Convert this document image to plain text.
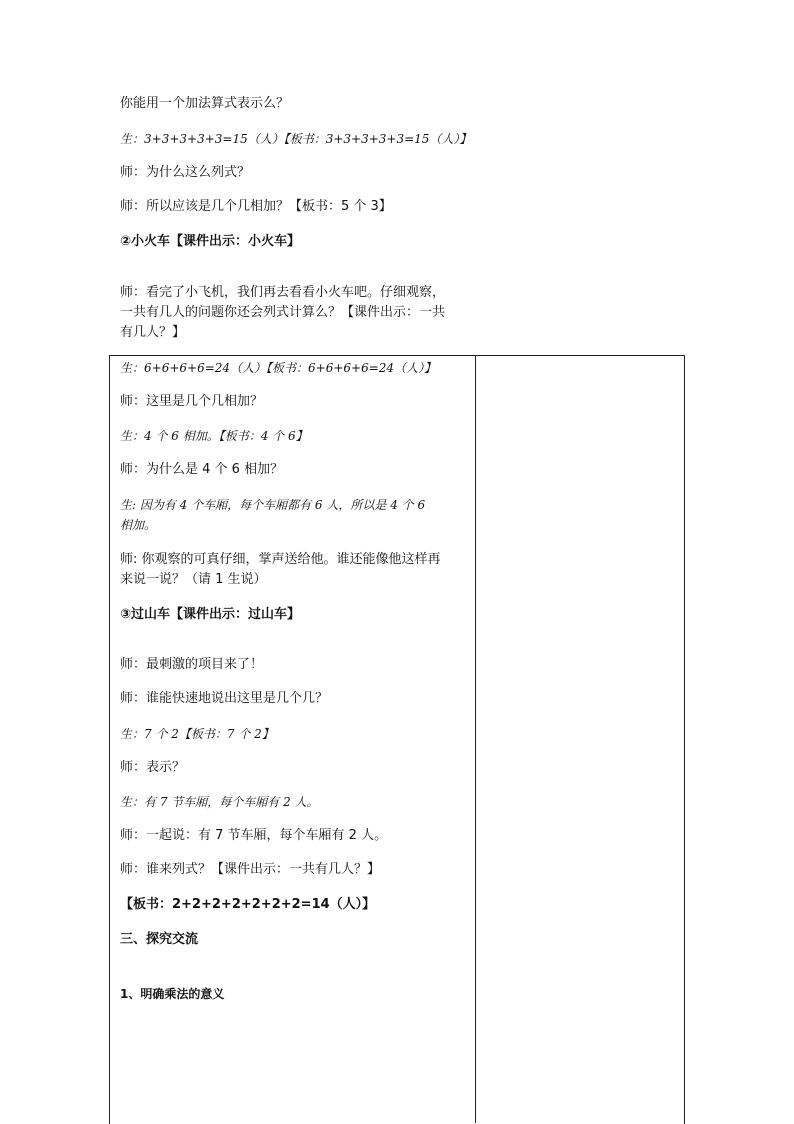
你能用一个加法算式表示么？
生：3+3+3+3+3=15（人）【板书：3+3+3+3+3=15（人）】
师：为什么这么列式？
师：所以应该是几个几相加？【板书：5 个 3】
②小火车【课件出示：小火车】
师：看完了小飞机，我们再去看看小火车吧。仔细观察，
一共有几人的问题你还会列式计算么？【课件出示：一共
有几人？】
生：6+6+6+6=24（人）【板书：6+6+6+6=24（人）】
师：这里是几个几相加？
生：4 个 6 相加。【板书：4 个 6】
师：为什么是 4 个 6 相加？
生: 因为有 4 个车厢，每个车厢都有 6 人，所以是 4 个 6
相加。
师: 你观察的可真仔细，掌声送给他。谁还能像他这样再
来说一说？（请 1 生说）
③过山车【课件出示：过山车】
师：最刺激的项目来了！
师：谁能快速地说出这里是几个几？
生：7 个 2【板书：7 个 2】
师：表示？
生：有 7 节车厢，每个车厢有 2 人。
师：一起说：有 7 节车厢，每个车厢有 2 人。
师：谁来列式？【课件出示：一共有几人？】
【板书：2+2+2+2+2+2+2=14（人）】
三、探究交流
1、明确乘法的意义
